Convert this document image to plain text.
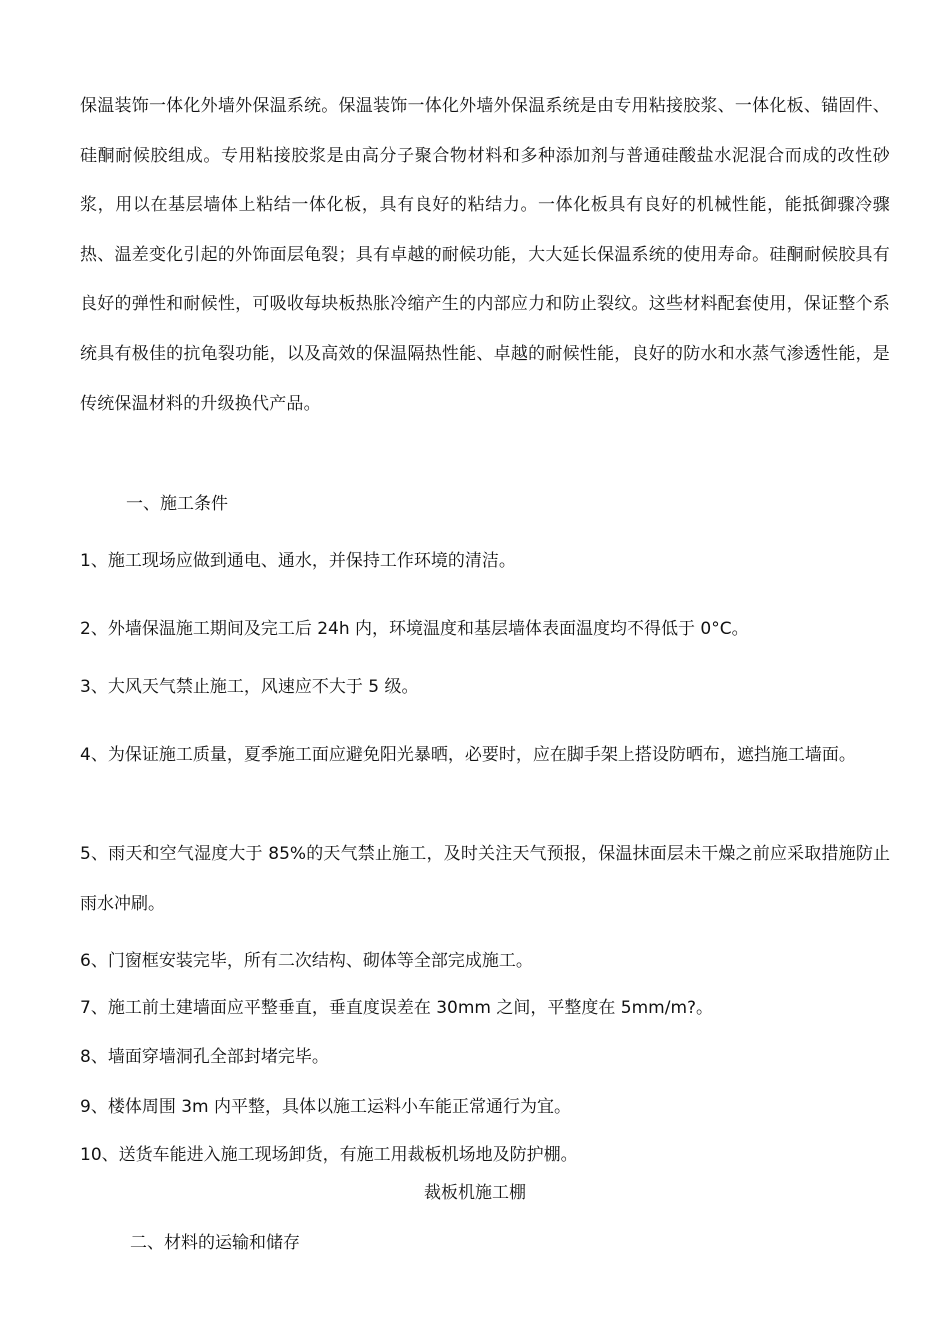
保温装饰一体化外墙外保温系统。保温装饰一体化外墙外保温系统是由专用粘接胶浆、一体化板、锚固件、硅酮耐候胶组成。专用粘接胶浆是由高分子聚合物材料和多种添加剂与普通硅酸盐水泥混合而成的改性砂浆，用以在基层墙体上粘结一体化板，具有良好的粘结力。一体化板具有良好的机械性能，能抵御骤冷骤热、温差变化引起的外饰面层龟裂；具有卓越的耐候功能，大大延长保温系统的使用寿命。硅酮耐候胶具有良好的弹性和耐候性，可吸收每块板热胀冷缩产生的内部应力和防止裂纹。这些材料配套使用，保证整个系统具有极佳的抗龟裂功能，以及高效的保温隔热性能、卓越的耐候性能，良好的防水和水蒸气渗透性能，是传统保温材料的升级换代产品。

一、施工条件

1、施工现场应做到通电、通水，并保持工作环境的清洁。

2、外墙保温施工期间及完工后 24h 内，环境温度和基层墙体表面温度均不得低于 0°C。

3、大风天气禁止施工，风速应不大于 5 级。

4、为保证施工质量，夏季施工面应避免阳光暴晒，必要时，应在脚手架上搭设防晒布，遮挡施工墙面。

5、雨天和空气湿度大于 85%的天气禁止施工，及时关注天气预报，保温抹面层未干燥之前应采取措施防止雨水冲刷。

6、门窗框安装完毕，所有二次结构、砌体等全部完成施工。

7、施工前土建墙面应平整垂直，垂直度误差在 30mm 之间，平整度在 5mm/m?。

8、墙面穿墙洞孔全部封堵完毕。

9、楼体周围 3m 内平整，具体以施工运料小车能正常通行为宜。

10、送货车能进入施工现场卸货，有施工用裁板机场地及防护棚。

裁板机施工棚

二、材料的运输和储存
